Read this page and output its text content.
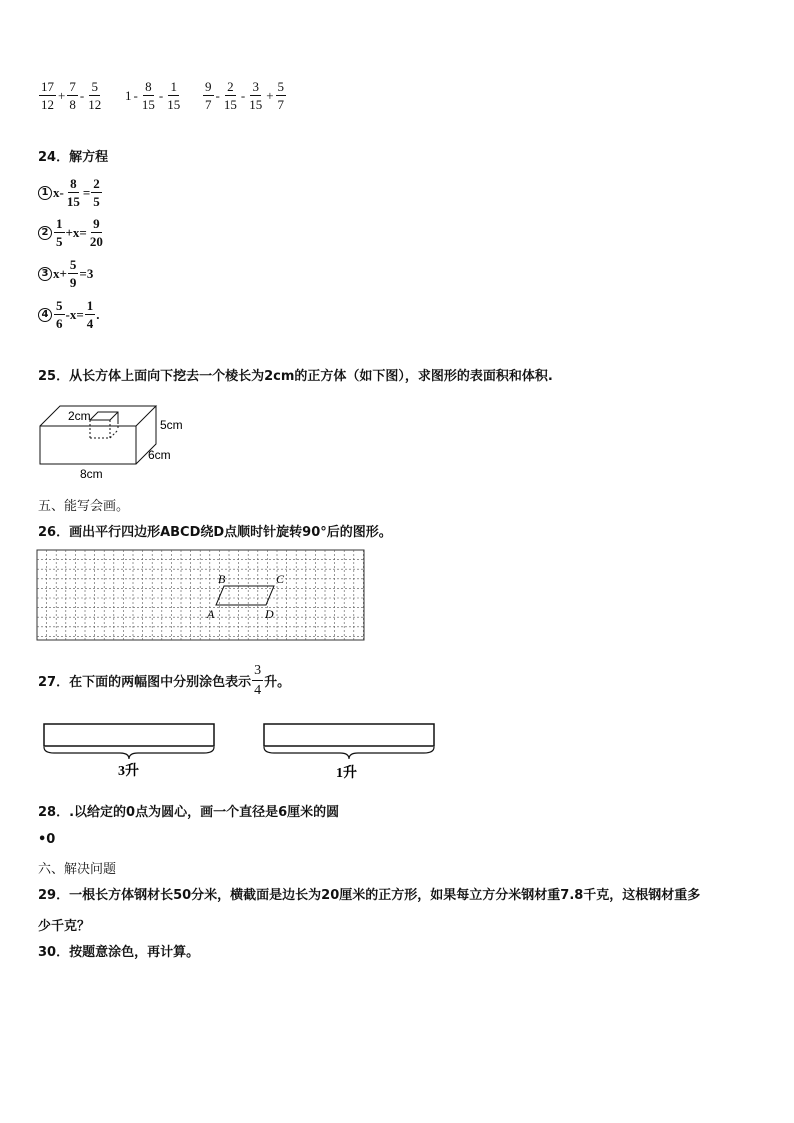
$\frac{17}{12} + \frac{7}{8} - \frac{5}{12} 1 - \frac{8}{15} - \frac{1}{15} \frac{9}{7} - \frac{2}{15} - \frac{3}{15} + \frac{5}{7}$
24．解方程
1 $x- \frac{8}{15} = \frac{2}{5}$
$2 \frac{1}{5} +x= \frac{9}{20}$
3 $x+ \frac{5}{9} =3$
$4 \frac{5}{6} -x= \frac{1}{4}$ .
25．从长方体上面向下挖去一个棱长为2cm的正方体（如下图），求图形的表面积和体积.
2cm
5cm
6cm
8cm
五、能写会画。
26．画出平行四边形ABCD绕D点顺时针旋转90°后的图形。
B	C
A	D
27．在下面的两幅图中分别涂色表示 $\frac{3}{4}$ 升。
3升	1升
28．.以给定的0点为圆心，画一个直径是6厘米的圆
•0
六、解决问题
29．一根长方体钢材长50分米，横截面是边长为20厘米的正方形，如果每立方分米钢材重7.8千克，这根钢材重多
少千克？
30．按题意涂色，再计算。
